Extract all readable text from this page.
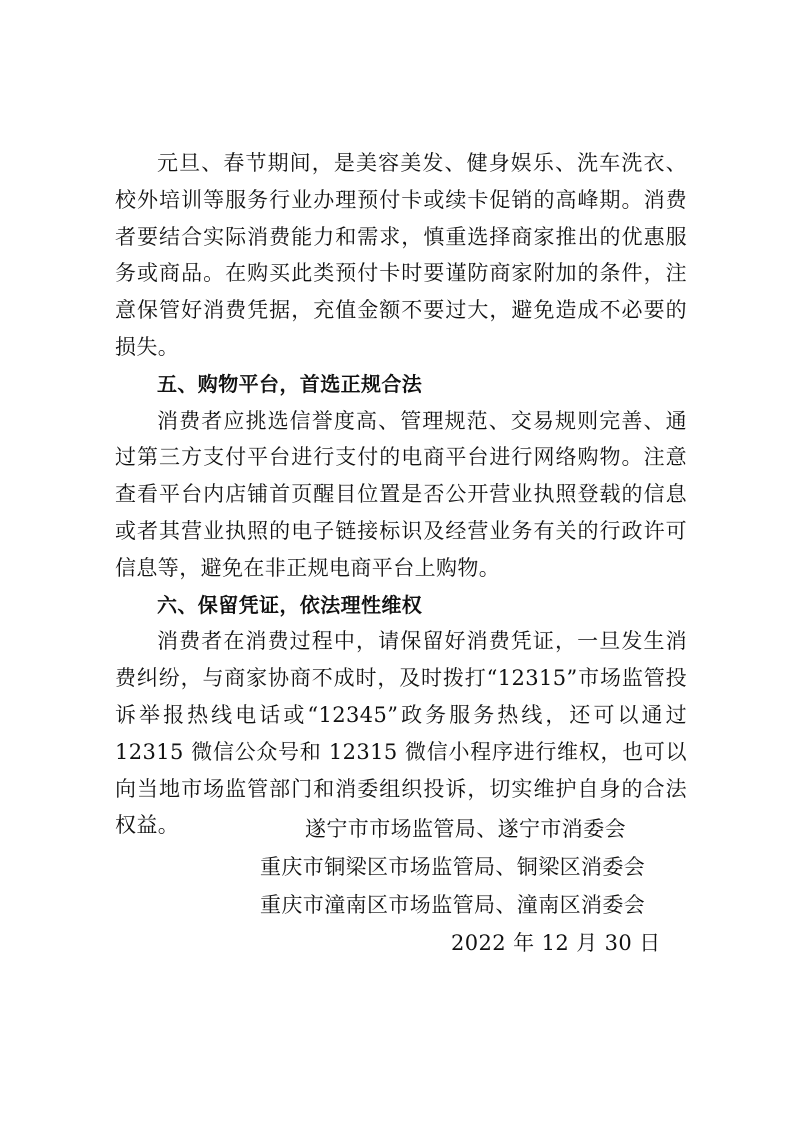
元旦、春节期间，是美容美发、健身娱乐、洗车洗衣、校外培训等服务行业办理预付卡或续卡促销的高峰期。消费者要结合实际消费能力和需求，慎重选择商家推出的优惠服务或商品。在购买此类预付卡时要谨防商家附加的条件，注意保管好消费凭据，充值金额不要过大，避免造成不必要的损失。

五、购物平台，首选正规合法

消费者应挑选信誉度高、管理规范、交易规则完善、通过第三方支付平台进行支付的电商平台进行网络购物。注意查看平台内店铺首页醒目位置是否公开营业执照登载的信息或者其营业执照的电子链接标识及经营业务有关的行政许可信息等，避免在非正规电商平台上购物。

六、保留凭证，依法理性维权

消费者在消费过程中，请保留好消费凭证，一旦发生消费纠纷，与商家协商不成时，及时拨打“12315”市场监管投诉举报热线电话或“12345”政务服务热线，还可以通过 12315 微信公众号和 12315 微信小程序进行维权，也可以向当地市场监管部门和消委组织投诉，切实维护自身的合法权益。	遂宁市市场监管局、遂宁市消委会

重庆市铜梁区市场监管局、铜梁区消委会

重庆市潼南区市场监管局、潼南区消委会

2022 年 12 月 30 日
